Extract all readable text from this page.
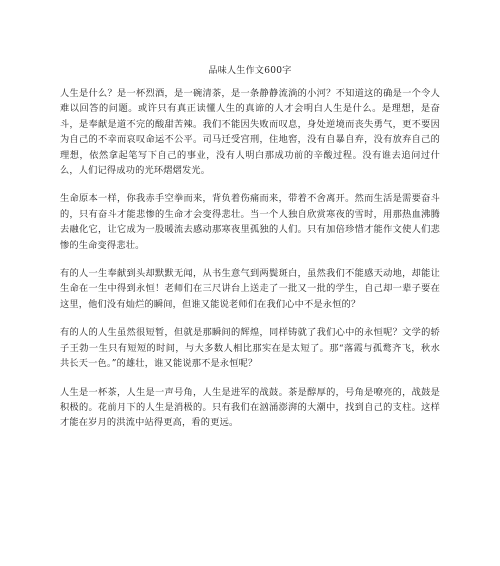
品味人生作文600字

人生是什么？是一杯烈酒，是一碗清茶，是一条静静流淌的小河？不知道这的确是一个令人难以回答的问题。或许只有真正读懂人生的真谛的人才会明白人生是什么。是理想，是奋斗，是奉献是道不完的酸甜苦辣。我们不能因失败而叹息，身处逆境而丧失勇气，更不要因为自己的不幸而哀叹命运不公平。司马迁受宫刑，住地窖，没有自暴自弃，没有放弃自己的理想，依然拿起笔写下自己的事业，没有人明白那成功前的辛酸过程。没有谁去追问过什么，人们记得成功的光环熠熠发光。

生命原本一样，你我赤手空拳而来，背负着伤痛而来，带着不舍离开。然而生活是需要奋斗的，只有奋斗才能悲惨的生命才会变得悲壮。当一个人独自欣赏寒夜的雪时，用那热血沸腾去融化它，让它成为一股暖流去感动那寒夜里孤独的人们。只有加倍珍惜才能作文使人们悲惨的生命变得悲壮。

有的人一生奉献到头却默默无闻，从书生意气到两鬓斑白，虽然我们不能感天动地，却能让生命在一生中得到永恒！老师们在三尺讲台上送走了一批又一批的学生，自己却一辈子要在这里，他们没有灿烂的瞬间，但谁又能说老师们在我们心中不是永恒的？

有的人的人生虽然很短暂，但就是那瞬间的辉煌，同样铸就了我们心中的永恒呢？文学的轿子王勃一生只有短短的时间，与大多数人相比那实在是太短了。那“落霞与孤鹜齐飞，秋水共长天一色。”的雄壮，谁又能说那不是永恒呢？

人生是一杯茶，人生是一声号角，人生是进军的战鼓。茶是醇厚的，号角是嘹亮的，战鼓是积极的。花前月下的人生是消极的。只有我们在汹涌澎湃的大潮中，找到自己的支柱。这样才能在岁月的洪流中站得更高，看的更远。
